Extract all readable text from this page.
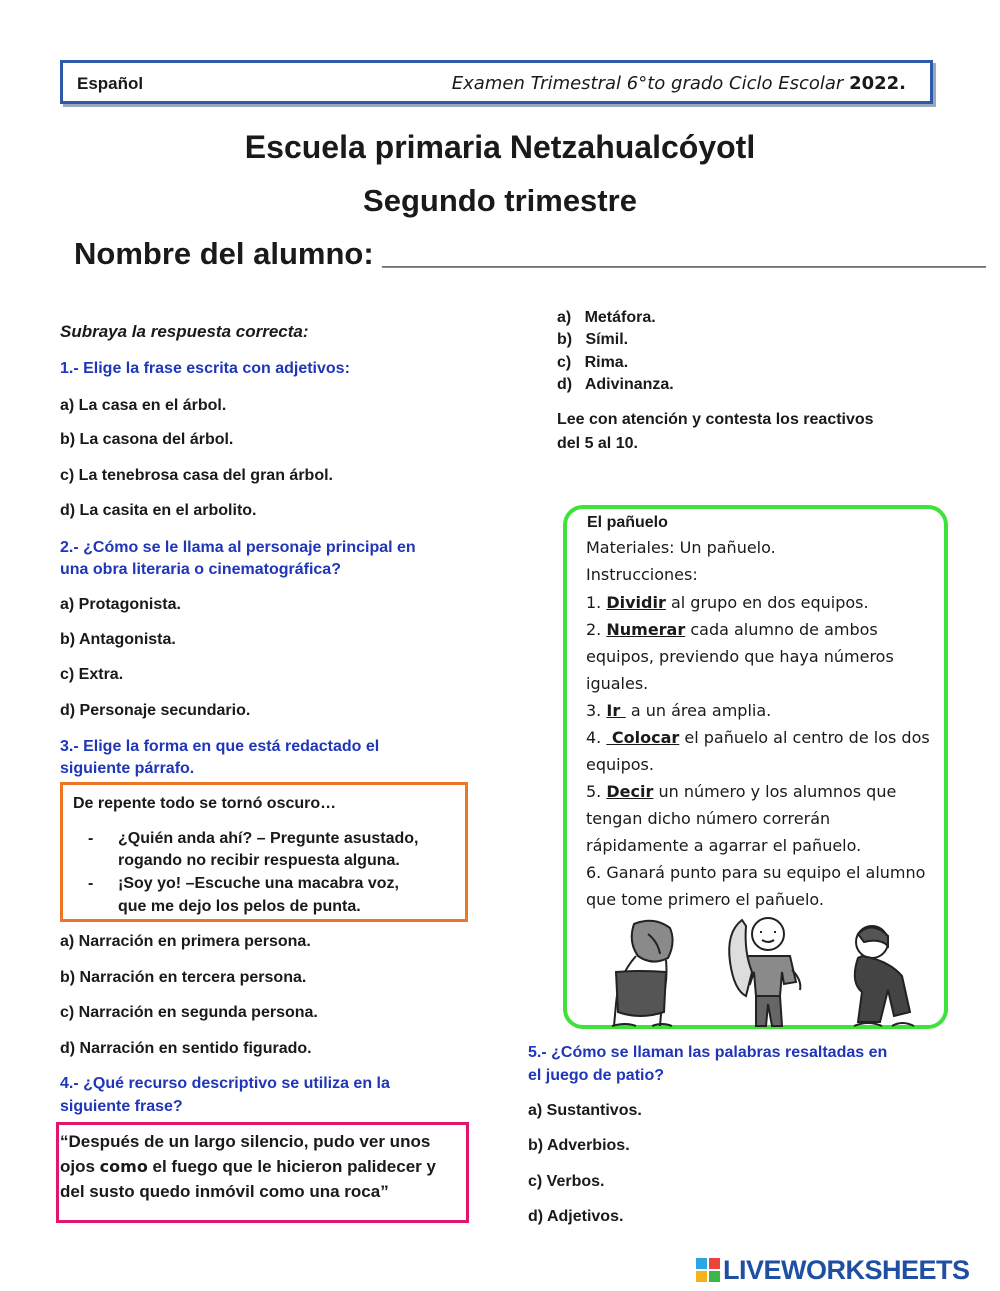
Español	Examen Trimestral 6°to grado Ciclo Escolar 2022.
Escuela primaria Netzahualcóyotl
Segundo trimestre
Nombre del alumno: ___________________________________
Subraya la respuesta correcta:
1.- Elige la frase escrita con adjetivos:
a) La casa en el árbol.
b) La casona del árbol.
c) La tenebrosa casa del gran árbol.
d) La casita en el arbolito.
2.- ¿Cómo se le llama al personaje principal en
una obra literaria o cinematográfica?
a) Protagonista.
b) Antagonista.
c) Extra.
d) Personaje secundario.
3.- Elige la forma en que está redactado el
siguiente párrafo.
De repente todo se tornó oscuro…
- ¿Quién anda ahí? – Pregunte asustado,
rogando no recibir respuesta alguna.
- ¡Soy yo! –Escuche una macabra voz,
que me dejo los pelos de punta.
a) Narración en primera persona.
b) Narración en tercera persona.
c) Narración en segunda persona.
d) Narración en sentido figurado.
4.- ¿Qué recurso descriptivo se utiliza en la
siguiente frase?
“Después de un largo silencio, pudo ver unos
ojos como el fuego que le hicieron palidecer y
del susto quedo inmóvil como una roca”
a)   Metáfora.
b)   Símil.
c)   Rima.
d)   Adivinanza.
Lee con atención y contesta los reactivos
del 5 al 10.
El pañuelo
Materiales: Un pañuelo.
Instrucciones:
1. Dividir al grupo en dos equipos.
2. Numerar cada alumno de ambos
equipos, previendo que haya números
iguales.
3. Ir  a un área amplia.
4.  Colocar el pañuelo al centro de los dos
equipos.
5. Decir un número y los alumnos que
tengan dicho número correrán
rápidamente a agarrar el pañuelo.
6. Ganará punto para su equipo el alumno
que tome primero el pañuelo.
5.- ¿Cómo se llaman las palabras resaltadas en
el juego de patio?
a) Sustantivos.
b) Adverbios.
c) Verbos.
d) Adjetivos.
LIVEWORKSHEETS
